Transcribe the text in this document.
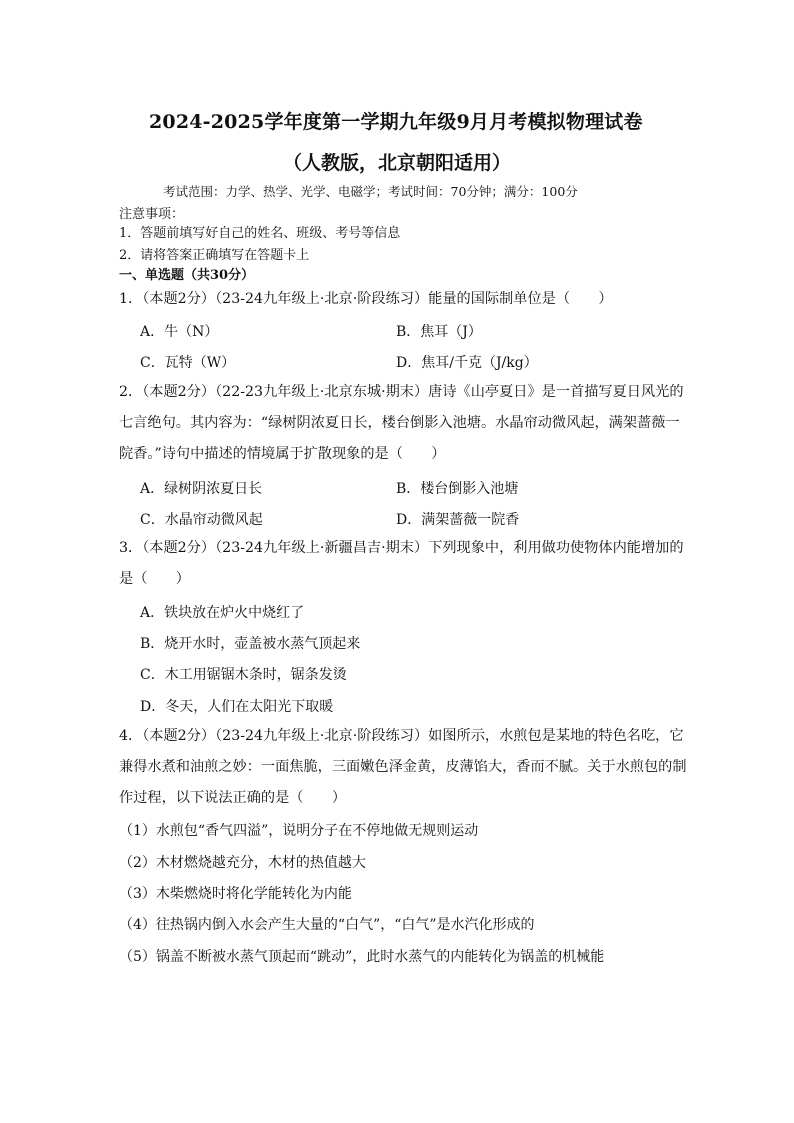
2024-2025学年度第一学期九年级9月月考模拟物理试卷
（人教版，北京朝阳适用）
考试范围：力学、热学、光学、电磁学；考试时间：70分钟；满分：100分
注意事项：
1．答题前填写好自己的姓名、班级、考号等信息
2．请将答案正确填写在答题卡上
一、单选题（共30分）
1．（本题2分）（23-24九年级上·北京·阶段练习）能量的国际制单位是（　　）
A．牛（N）	B．焦耳（J）
C．瓦特（W）	D．焦耳/千克（J/kg）
2．（本题2分）（22-23九年级上·北京东城·期末）唐诗《山亭夏日》是一首描写夏日风光的
七言绝句。其内容为：“绿树阴浓夏日长，楼台倒影入池塘。水晶帘动微风起，满架蔷薇一
院香。”诗句中描述的情境属于扩散现象的是（　　）
A．绿树阴浓夏日长	B．楼台倒影入池塘
C．水晶帘动微风起	D．满架蔷薇一院香
3．（本题2分）（23-24九年级上·新疆昌吉·期末）下列现象中，利用做功使物体内能增加的
是（　　）
A．铁块放在炉火中烧红了
B．烧开水时，壶盖被水蒸气顶起来
C．木工用锯锯木条时，锯条发烫
D．冬天，人们在太阳光下取暖
4．（本题2分）（23-24九年级上·北京·阶段练习）如图所示，水煎包是某地的特色名吃，它
兼得水煮和油煎之妙：一面焦脆，三面嫩色泽金黄，皮薄馅大，香而不腻。关于水煎包的制
作过程，以下说法正确的是（　　）
（1）水煎包“香气四溢”，说明分子在不停地做无规则运动
（2）木材燃烧越充分，木材的热值越大
（3）木柴燃烧时将化学能转化为内能
（4）往热锅内倒入水会产生大量的“白气”，“白气”是水汽化形成的
（5）锅盖不断被水蒸气顶起而“跳动”，此时水蒸气的内能转化为锅盖的机械能
